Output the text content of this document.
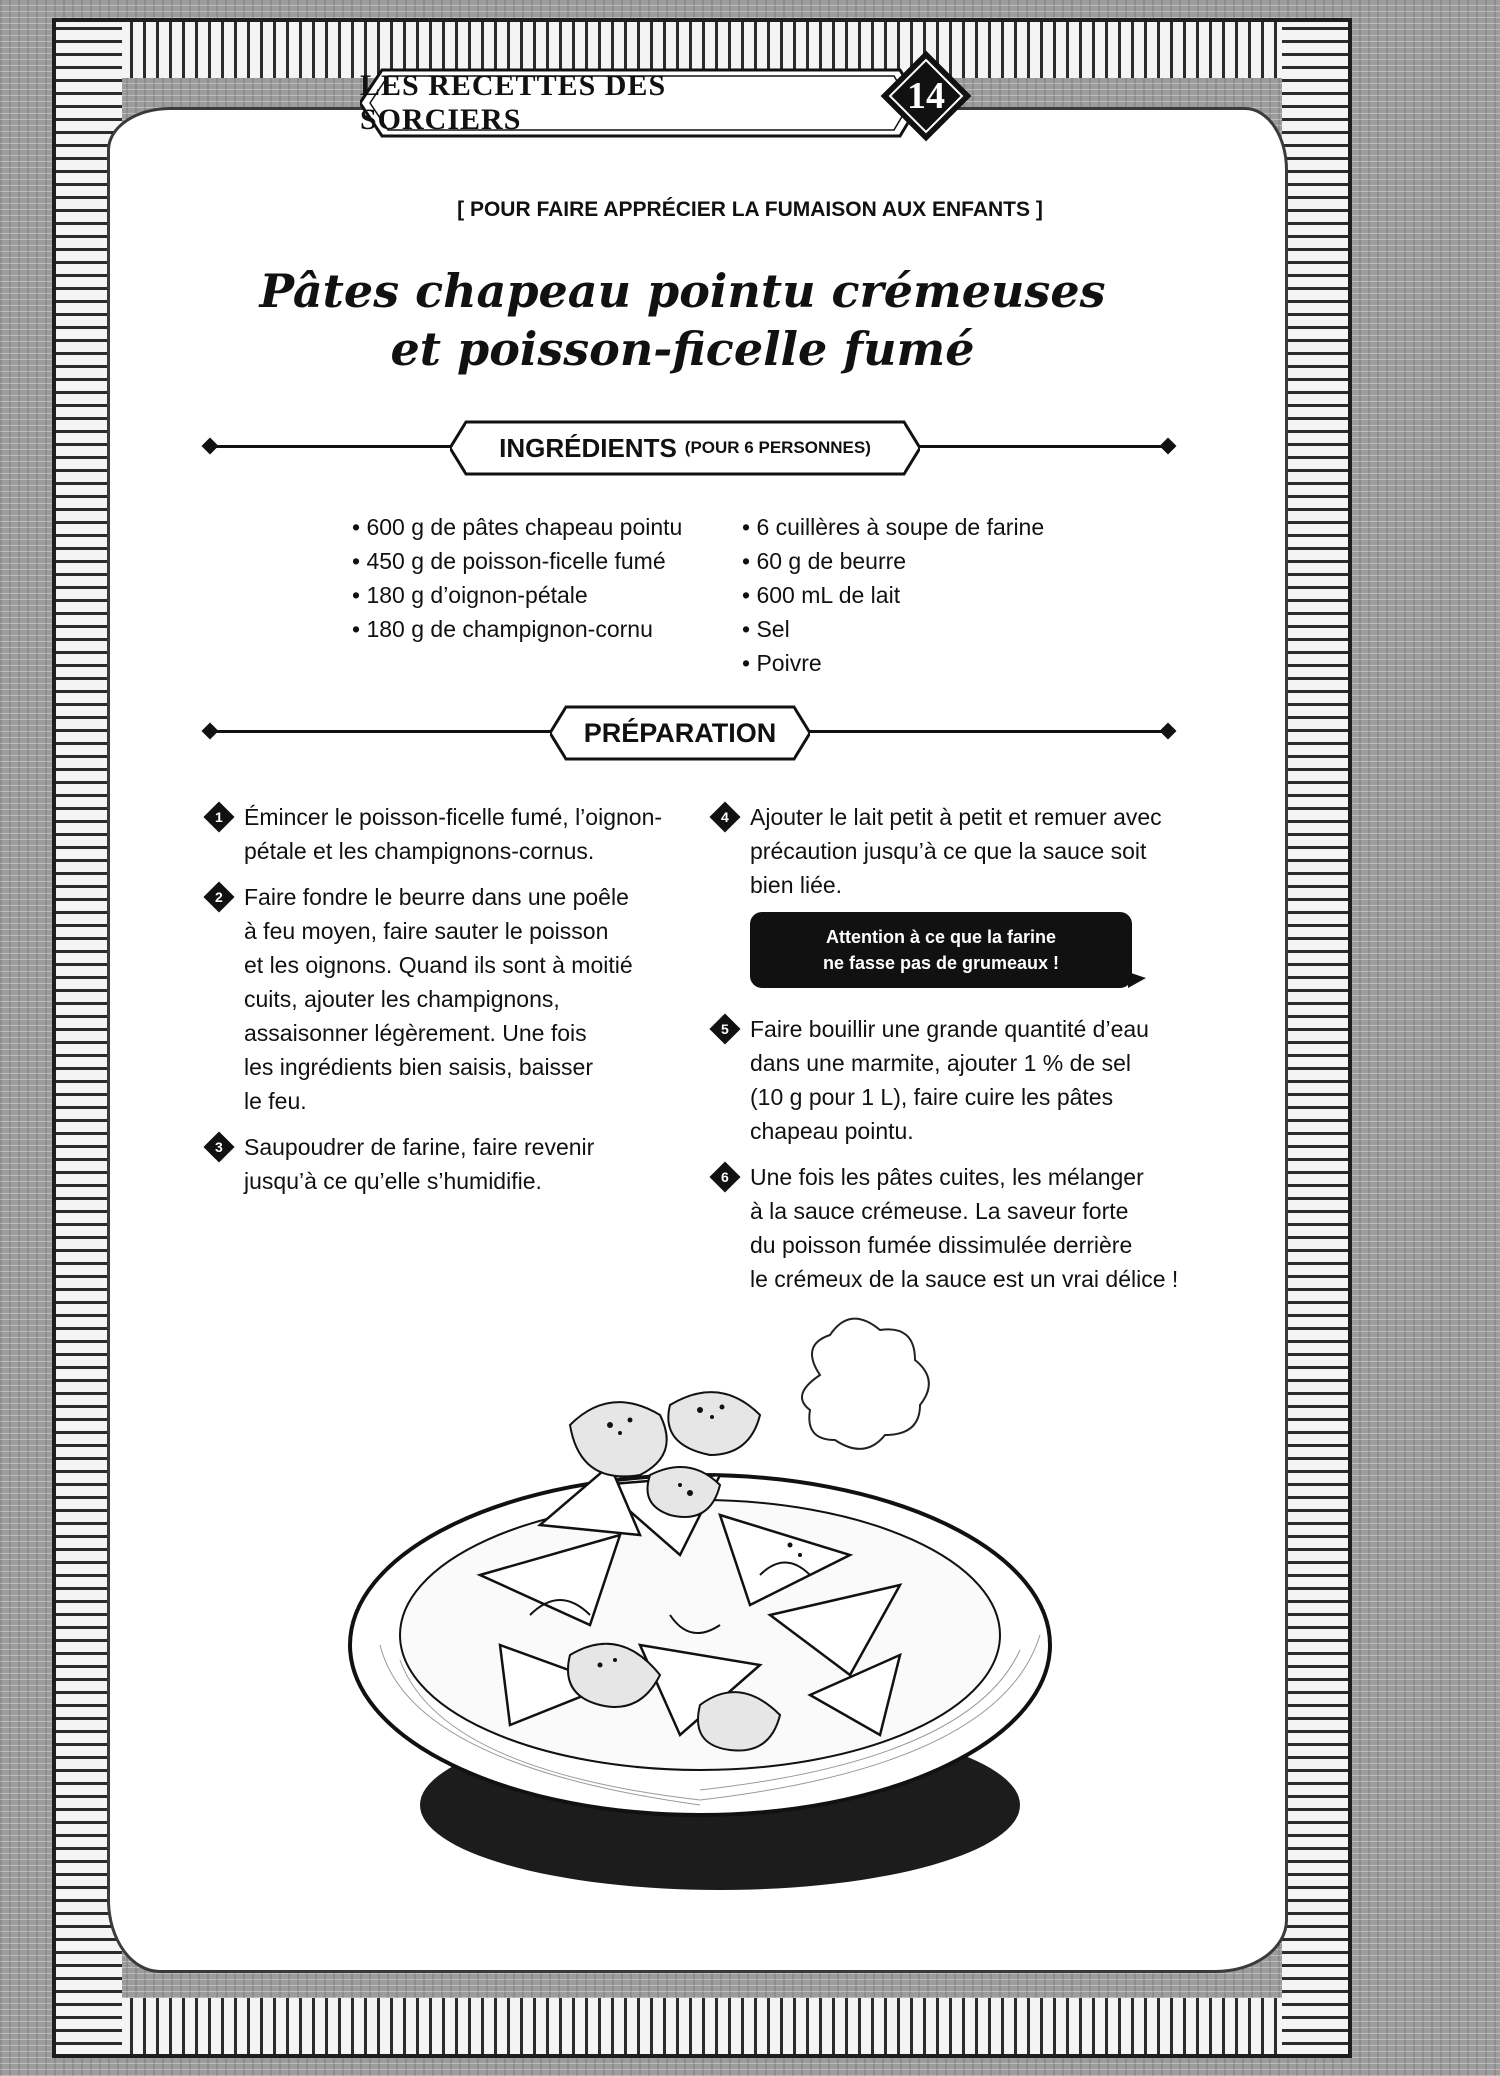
LES RECETTES DES SORCIERS
14
[ POUR FAIRE APPRÉCIER LA FUMAISON AUX ENFANTS ]
Pâtes chapeau pointu crémeuses
et poisson-ficelle fumé
INGRÉDIENTS (POUR 6 PERSONNES)
• 600 g de pâtes chapeau pointu
• 450 g de poisson-ficelle fumé
• 180 g d’oignon-pétale
• 180 g de champignon-cornu
• 6 cuillères à soupe de farine
• 60 g de beurre
• 600 mL de lait
• Sel
• Poivre
PRÉPARATION
1 Émincer le poisson-ficelle fumé, l’oignon-
pétale et les champignons-cornus.
2 Faire fondre le beurre dans une poêle
à feu moyen, faire sauter le poisson
et les oignons. Quand ils sont à moitié
cuits, ajouter les champignons,
assaisonner légèrement. Une fois
les ingrédients bien saisis, baisser
le feu.
3 Saupoudrer de farine, faire revenir
jusqu’à ce qu’elle s’humidifie.
4 Ajouter le lait petit à petit et remuer avec
précaution jusqu’à ce que la sauce soit
bien liée.
Attention à ce que la farine
ne fasse pas de grumeaux !
5 Faire bouillir une grande quantité d’eau
dans une marmite, ajouter 1 % de sel
(10 g pour 1 L), faire cuire les pâtes
chapeau pointu.
6 Une fois les pâtes cuites, les mélanger
à la sauce crémeuse. La saveur forte
du poisson fumée dissimulée derrière
le crémeux de la sauce est un vrai délice !
